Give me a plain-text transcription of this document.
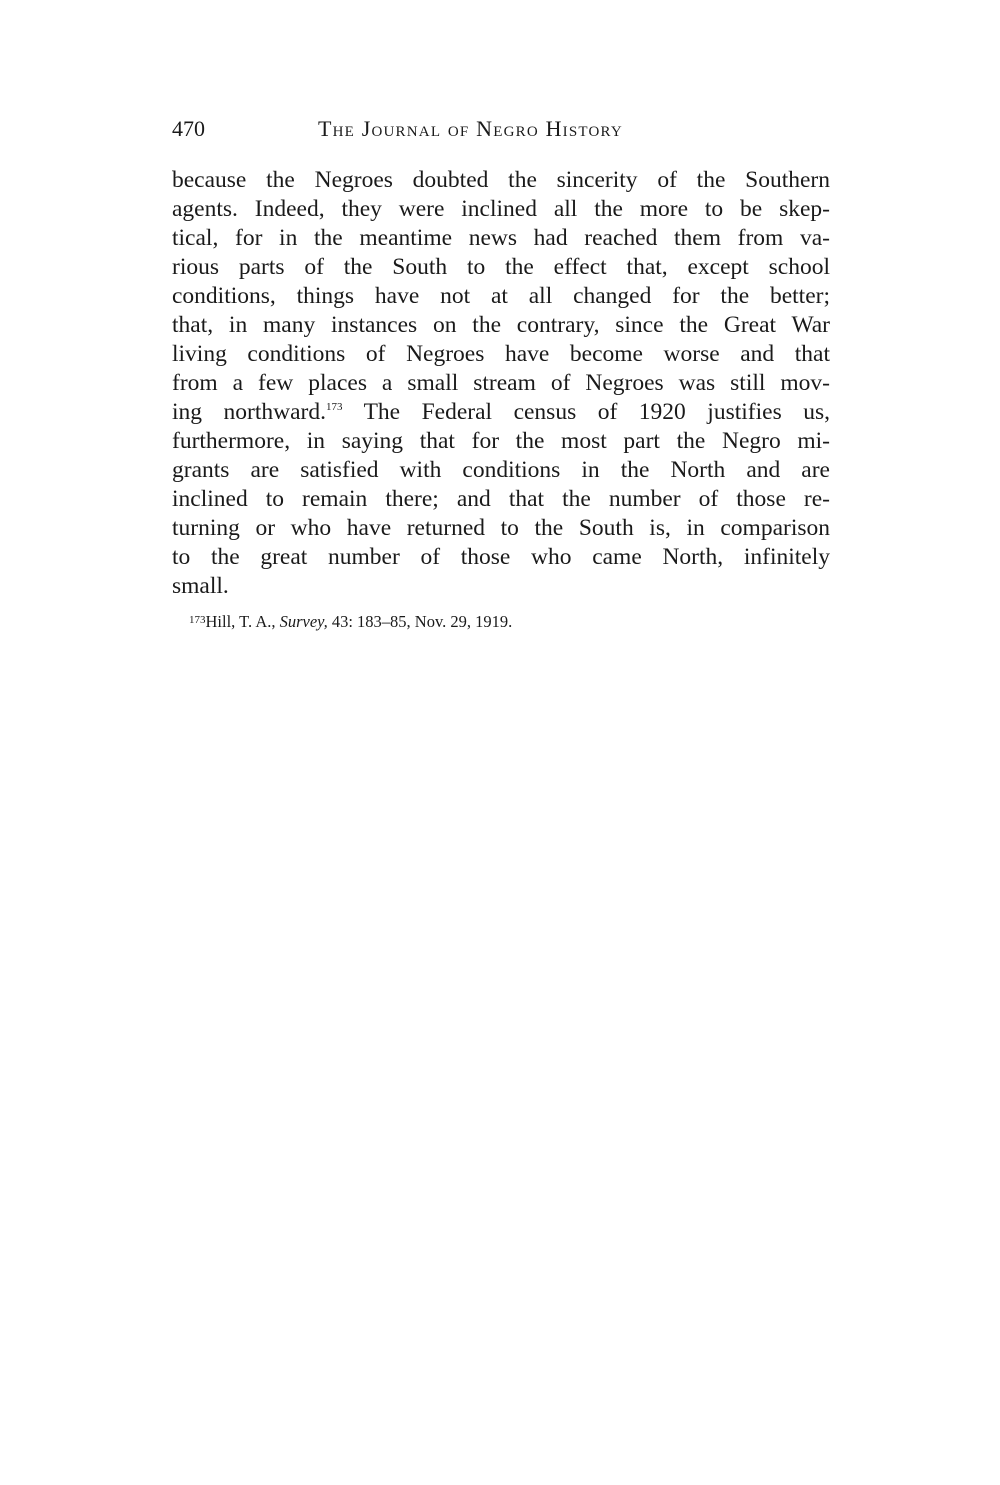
470	The Journal of Negro History
because the Negroes doubted the sincerity of the Southern
agents. Indeed, they were inclined all the more to be skep-
tical, for in the meantime news had reached them from va-
rious parts of the South to the effect that, except school
conditions, things have not at all changed for the better;
that, in many instances on the contrary, since the Great War
living conditions of Negroes have become worse and that
from a few places a small stream of Negroes was still mov-
ing northward.$^{173}$ The Federal census of 1920 justifies us,
furthermore, in saying that for the most part the Negro mi-
grants are satisfied with conditions in the North and are
inclined to remain there; and that the number of those re-
turning or who have returned to the South is, in comparison
to the great number of those who came North, infinitely
small.
$^{173}$Hill, T. A., Survey, 43: 183–85, Nov. 29, 1919.
